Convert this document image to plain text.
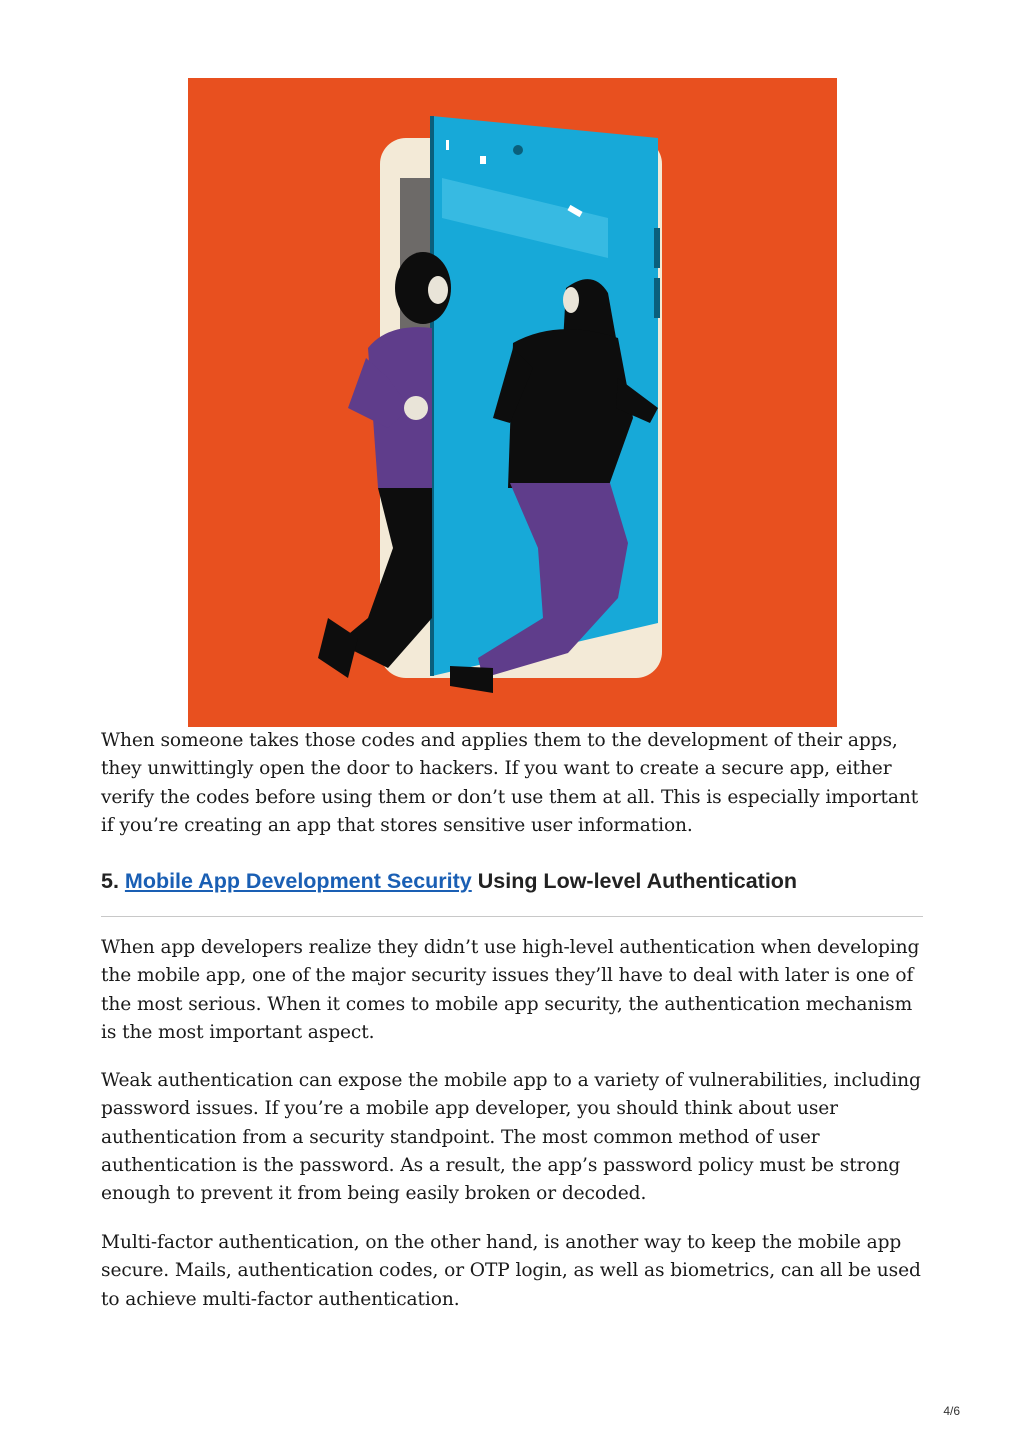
When someone takes those codes and applies them to the development of their apps, they unwittingly open the door to hackers. If you want to create a secure app, either verify the codes before using them or don’t use them at all. This is especially important if you’re creating an app that stores sensitive user information.

5. Mobile App Development Security Using Low-level Authentication

When app developers realize they didn’t use high-level authentication when developing the mobile app, one of the major security issues they’ll have to deal with later is one of the most serious. When it comes to mobile app security, the authentication mechanism is the most important aspect.

Weak authentication can expose the mobile app to a variety of vulnerabilities, including password issues. If you’re a mobile app developer, you should think about user authentication from a security standpoint. The most common method of user authentication is the password. As a result, the app’s password policy must be strong enough to prevent it from being easily broken or decoded.

Multi-factor authentication, on the other hand, is another way to keep the mobile app secure. Mails, authentication codes, or OTP login, as well as biometrics, can all be used to achieve multi-factor authentication.

4/6
